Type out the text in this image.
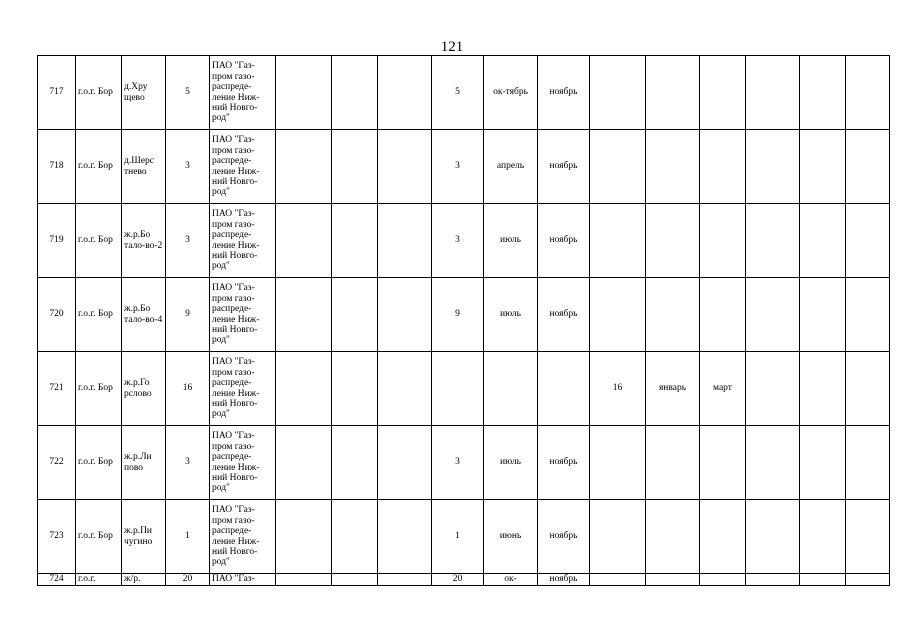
121
717	г.о.г. Бор	д.Хру щево	5	ПАО "Газ-пром газо-распреде-ление Ниж-ний Новго-род"				5	ок-тябрь	ноябрь						
718	г.о.г. Бор	д.Шерс тнево	3	ПАО "Газ-пром газо-распреде-ление Ниж-ний Новго-род"				3	апрель	ноябрь						
719	г.о.г. Бор	ж.р.Бо тало-во-2	3	ПАО "Газ-пром газо-распреде-ление Ниж-ний Новго-род"				3	июль	ноябрь						
720	г.о.г. Бор	ж.р.Бо тало-во-4	9	ПАО "Газ-пром газо-распреде-ление Ниж-ний Новго-род"				9	июль	ноябрь						
721	г.о.г. Бор	ж.р.Го рслово	16	ПАО "Газ-пром газо-распреде-ление Ниж-ний Новго-род"							16	январь	март			
722	г.о.г. Бор	ж.р.Ли пово	3	ПАО "Газ-пром газо-распреде-ление Ниж-ний Новго-род"				3	июль	ноябрь						
723	г.о.г. Бор	ж.р.Пи чугино	1	ПАО "Газ-пром газо-распреде-ление Ниж-ний Новго-род"				1	июнь	ноябрь						
724	г.о.г.	ж/р.	20	ПАО "Газ-				20	ок-	ноябрь						
